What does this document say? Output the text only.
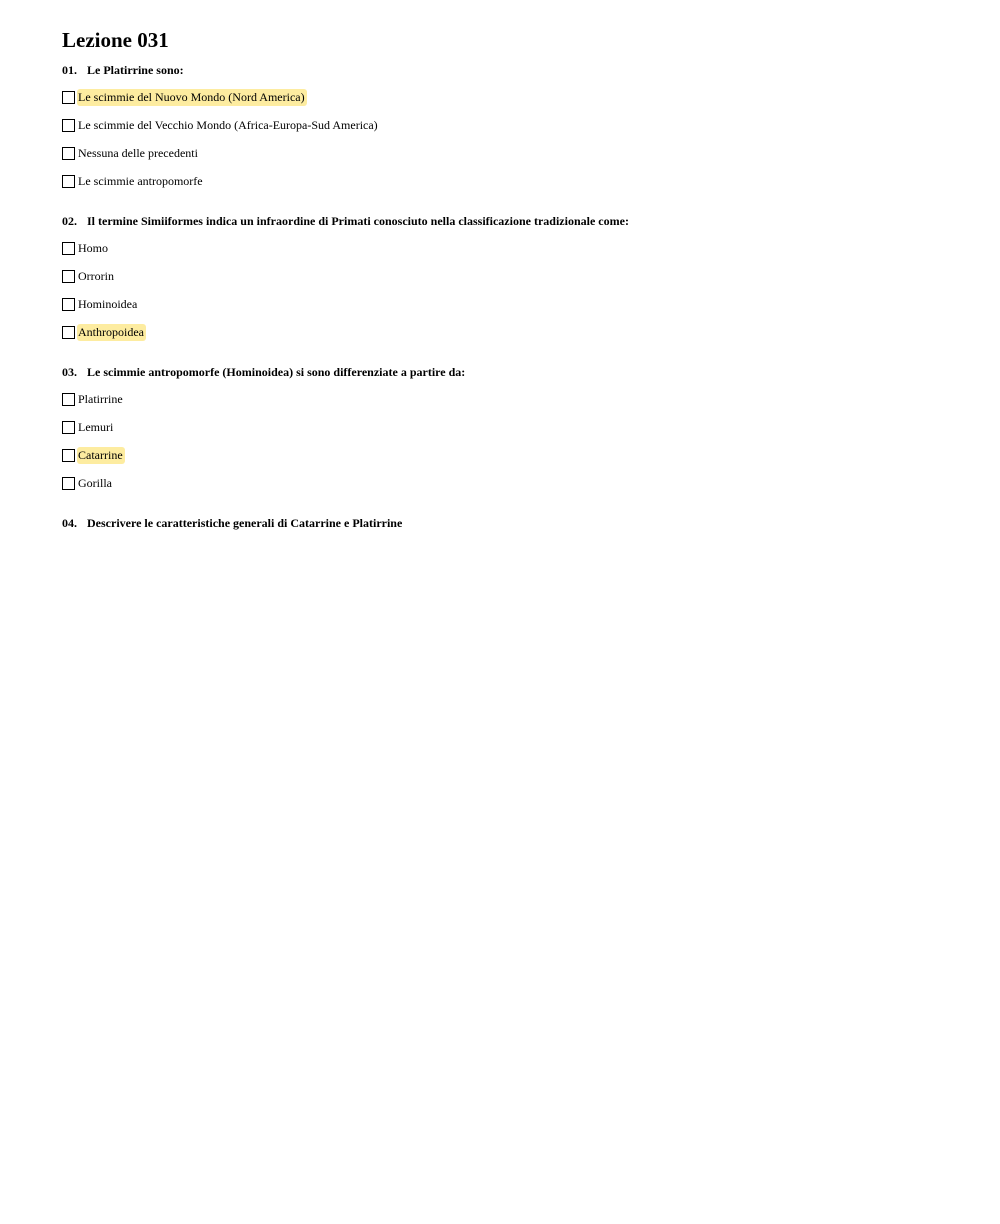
Lezione 031
01. Le Platirrine sono:
Le scimmie del Nuovo Mondo (Nord America)
Le scimmie del Vecchio Mondo (Africa-Europa-Sud America)
Nessuna delle precedenti
Le scimmie antropomorfe
02. Il termine Simiiformes indica un infraordine di Primati conosciuto nella classificazione tradizionale come:
Homo
Orrorin
Hominoidea
Anthropoidea
03. Le scimmie antropomorfe (Hominoidea) si sono differenziate a partire da:
Platirrine
Lemuri
Catarrine
Gorilla
04. Descrivere le caratteristiche generali di Catarrine e Platirrine
